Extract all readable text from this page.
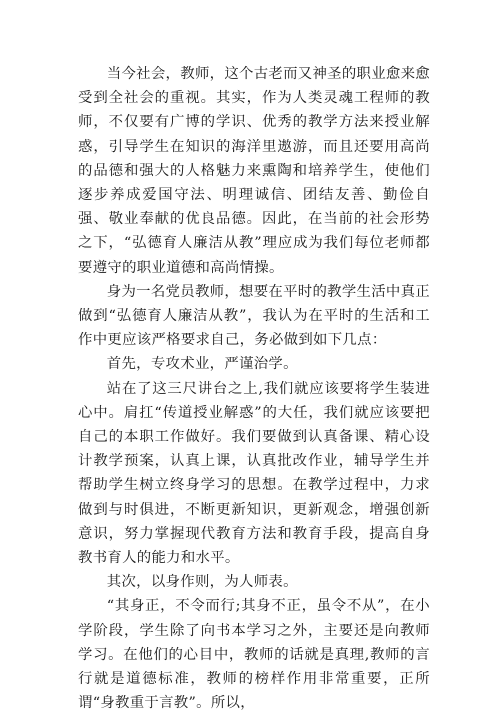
当今社会，教师，这个古老而又神圣的职业愈来愈受到全社会的重视。其实，作为人类灵魂工程师的教师，不仅要有广博的学识、优秀的教学方法来授业解惑，引导学生在知识的海洋里遨游，而且还要用高尚的品德和强大的人格魅力来熏陶和培养学生，使他们逐步养成爱国守法、明理诚信、团结友善、勤俭自强、敬业奉献的优良品德。因此，在当前的社会形势之下，“弘德育人廉洁从教”理应成为我们每位老师都要遵守的职业道德和高尚情操。

身为一名党员教师，想要在平时的教学生活中真正做到“弘德育人廉洁从教”，我认为在平时的生活和工作中更应该严格要求自己，务必做到如下几点：

首先，专攻术业，严谨治学。

站在了这三尺讲台之上,我们就应该要将学生装进心中。肩扛“传道授业解惑”的大任，我们就应该要把自己的本职工作做好。我们要做到认真备课、精心设计教学预案，认真上课，认真批改作业，辅导学生并帮助学生树立终身学习的思想。在教学过程中，力求做到与时俱进，不断更新知识，更新观念，增强创新意识，努力掌握现代教育方法和教育手段，提高自身教书育人的能力和水平。

其次，以身作则，为人师表。

“其身正，不令而行;其身不正，虽令不从”，在小学阶段，学生除了向书本学习之外，主要还是向教师学习。在他们的心目中，教师的话就是真理,教师的言行就是道德标准，教师的榜样作用非常重要，正所谓“身教重于言教”。所以，
